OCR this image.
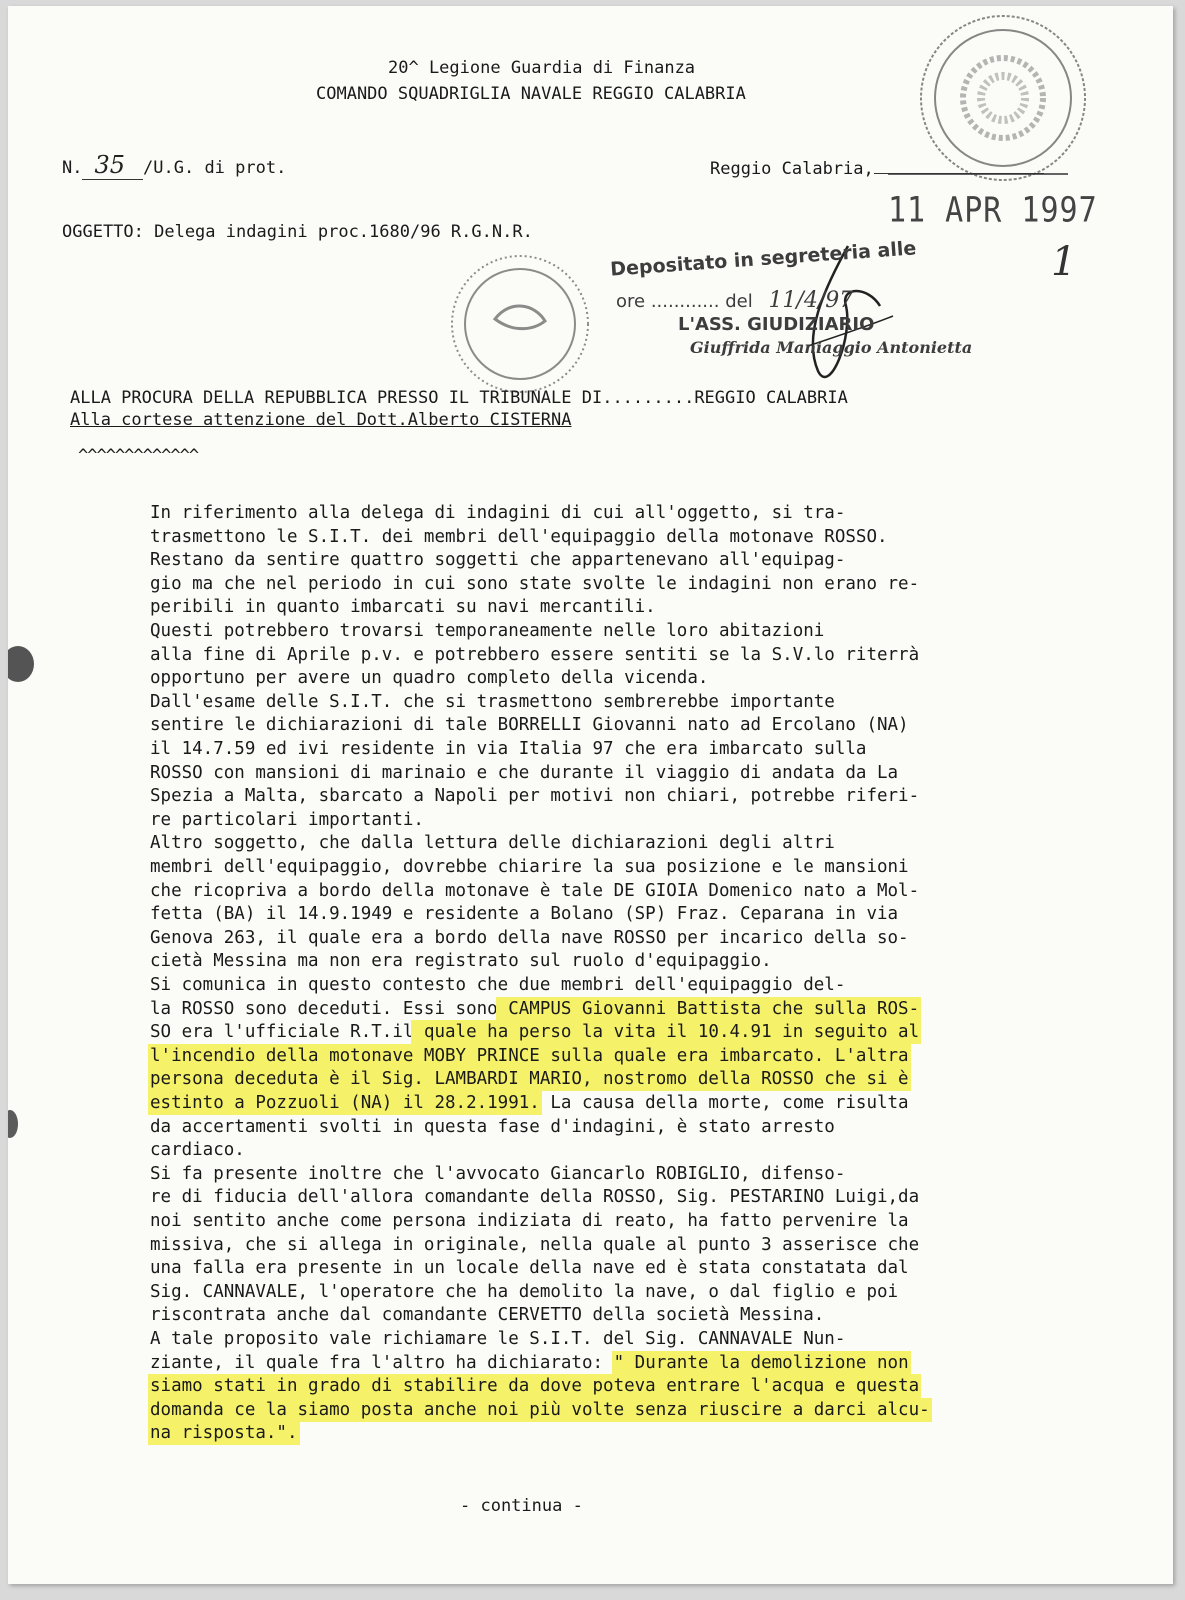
20^ Legione Guardia di Finanza
COMANDO SQUADRIGLIA NAVALE REGGIO CALABRIA
N. 35 /U.G. di prot.	Reggio Calabria,
11 APR 1997
1
OGGETTO: Delega indagini proc.1680/96 R.G.N.R.
Depositato in segreteria alle
ore ............ del 11/4/97
L'ASS. GIUDIZIARIO
Giuffrida Maniaggio Antonietta
ALLA PROCURA DELLA REPUBBLICA PRESSO IL TRIBUNALE DI.........REGGIO CALABRIA
Alla cortese attenzione del Dott.Alberto CISTERNA
^^^^^^^^^^^^^
In riferimento alla delega di indagini di cui all'oggetto, si tra-
trasmettono le S.I.T. dei membri dell'equipaggio della motonave ROSSO.
Restano da sentire quattro soggetti che appartenevano all'equipag-
gio ma che nel periodo in cui sono state svolte le indagini non erano re-
peribili in quanto imbarcati su navi mercantili.
Questi potrebbero trovarsi temporaneamente nelle loro abitazioni
alla fine di Aprile p.v. e potrebbero essere sentiti se la S.V.lo riterrà
opportuno per avere un quadro completo della vicenda.
Dall'esame delle S.I.T. che si trasmettono sembrerebbe importante
sentire le dichiarazioni di tale BORRELLI Giovanni nato ad Ercolano (NA)
il 14.7.59 ed ivi residente in via Italia 97 che era imbarcato sulla
ROSSO con mansioni di marinaio e che durante il viaggio di andata da La
Spezia a Malta, sbarcato a Napoli per motivi non chiari, potrebbe riferi-
re particolari importanti.
Altro soggetto, che dalla lettura delle dichiarazioni degli altri
membri dell'equipaggio, dovrebbe chiarire la sua posizione e le mansioni
che ricopriva a bordo della motonave è tale DE GIOIA Domenico nato a Mol-
fetta (BA) il 14.9.1949 e residente a Bolano (SP) Fraz. Ceparana in via
Genova 263, il quale era a bordo della nave ROSSO per incarico della so-
cietà Messina ma non era registrato sul ruolo d'equipaggio.
Si comunica in questo contesto che due membri dell'equipaggio del-
la ROSSO sono deceduti. Essi sono CAMPUS Giovanni Battista che sulla ROS-
SO era l'ufficiale R.T.il quale ha perso la vita il 10.4.91 in seguito al
l'incendio della motonave MOBY PRINCE sulla quale era imbarcato. L'altra
persona deceduta è il Sig. LAMBARDI MARIO, nostromo della ROSSO che si è
estinto a Pozzuoli (NA) il 28.2.1991. La causa della morte, come risulta
da accertamenti svolti in questa fase d'indagini, è stato arresto
cardiaco.
Si fa presente inoltre che l'avvocato Giancarlo ROBIGLIO, difenso-
re di fiducia dell'allora comandante della ROSSO, Sig. PESTARINO Luigi,da
noi sentito anche come persona indiziata di reato, ha fatto pervenire la
missiva, che si allega in originale, nella quale al punto 3 asserisce che
una falla era presente in un locale della nave ed è stata constatata dal
Sig. CANNAVALE, l'operatore che ha demolito la nave, o dal figlio e poi
riscontrata anche dal comandante CERVETTO della società Messina.
A tale proposito vale richiamare le S.I.T. del Sig. CANNAVALE Nun-
ziante, il quale fra l'altro ha dichiarato: " Durante la demolizione non
siamo stati in grado di stabilire da dove poteva entrare l'acqua e questa
domanda ce la siamo posta anche noi più volte senza riuscire a darci alcu-
na risposta.".
- continua -
